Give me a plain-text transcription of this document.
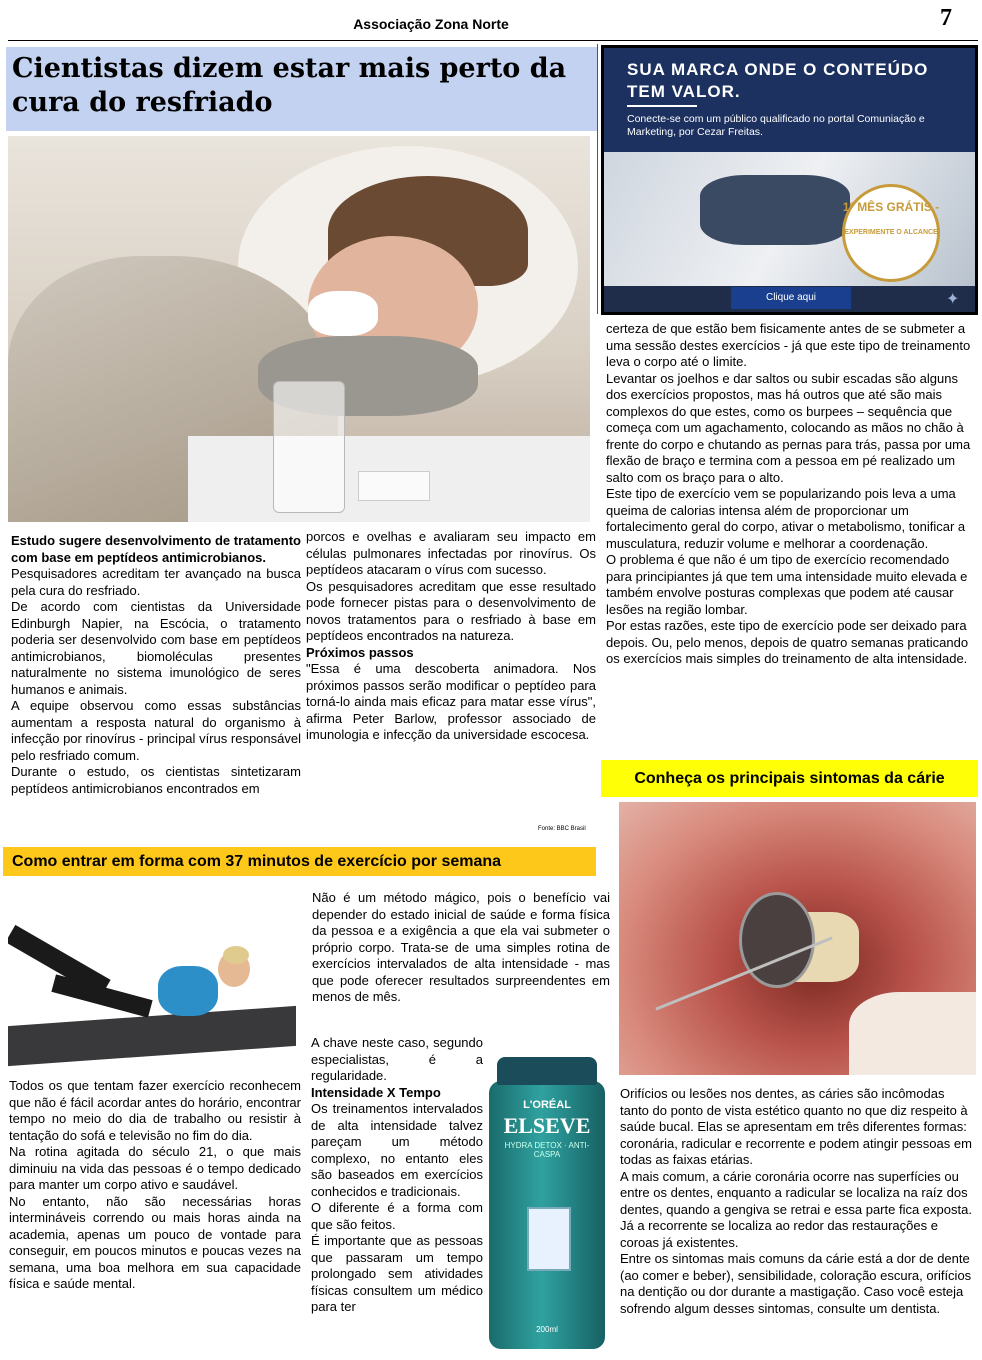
Associação Zona Norte	7
Cientistas dizem estar mais perto da cura do resfriado
SUA MARCA ONDE O CONTEÚDO TEM VALOR.
Conecte-se com um público qualificado no portal Comuniação e Marketing, por Cezar Freitas.
1º MÊS GRÁTIS -
EXPERIMENTE O ALCANCE
Clique aqui	✦

Estudo sugere desenvolvimento de tratamento com base em peptídeos antimicrobianos.

Pesquisadores acreditam ter avançado na busca pela cura do resfriado.

De acordo com cientistas da Universidade Edinburgh Napier, na Escócia, o tratamento poderia ser desenvolvido com base em peptídeos antimicrobianos, biomoléculas presentes naturalmente no sistema imunológico de seres humanos e animais.

A equipe observou como essas substâncias aumentam a resposta natural do organismo à infecção por rinovírus - principal vírus responsável pelo resfriado comum.

Durante o estudo, os cientistas sintetizaram peptídeos antimicrobianos encontrados em

porcos e ovelhas e avaliaram seu impacto em células pulmonares infectadas por rinovírus. Os peptídeos atacaram o vírus com sucesso.

Os pesquisadores acreditam que esse resultado pode fornecer pistas para o desenvolvimento de novos tratamentos para o resfriado à base em peptídeos encontrados na natureza.

Próximos passos

"Essa é uma descoberta animadora. Nos próximos passos serão modificar o peptídeo para torná-lo ainda mais eficaz para matar esse vírus", afirma Peter Barlow, professor associado de imunologia e infecção da universidade escocesa.

Fonte: BBC Brasil

certeza de que estão bem fisicamente antes de se submeter a uma sessão destes exercícios - já que este tipo de treinamento leva o corpo até o limite.

Levantar os joelhos e dar saltos ou subir escadas são alguns dos exercícios propostos, mas há outros que até são mais complexos do que estes, como os burpees – sequência que começa com um agachamento, colocando as mãos no chão à frente do corpo e chutando as pernas para trás, passa por uma flexão de braço e termina com a pessoa em pé realizado um salto com os braço para o alto.

Este tipo de exercício vem se popularizando pois leva a uma queima de calorias intensa além de proporcionar um fortalecimento geral do corpo, ativar o metabolismo, tonificar a musculatura, reduzir volume e melhorar a coordenação.

O problema é que não é um tipo de exercício recomendado para principiantes já que tem uma intensidade muito elevada e também envolve posturas complexas que podem até causar lesões na região lombar.

Por estas razões, este tipo de exercício pode ser deixado para depois. Ou, pelo menos, depois de quatro semanas praticando os exercícios mais simples do treinamento de alta intensidade.

Como entrar em forma com 37 minutos de exercício por semana

Não é um método mágico, pois o benefício vai depender do estado inicial de saúde e forma física da pessoa e a exigência a que ela vai submeter o próprio corpo. Trata-se de uma simples rotina de exercícios intervalados de alta intensidade - mas que pode oferecer resultados surpreendentes em menos de mês.

Todos os que tentam fazer exercício reconhecem que não é fácil acordar antes do horário, encontrar tempo no meio do dia de trabalho ou resistir à tentação do sofá e televisão no fim do dia.

Na rotina agitada do século 21, o que mais diminuiu na vida das pessoas é o tempo dedicado para manter um corpo ativo e saudável.

No entanto, não são necessárias horas intermináveis correndo ou mais horas ainda na academia, apenas um pouco de vontade para conseguir, em poucos minutos e poucas vezes na semana, uma boa melhora em sua capacidade física e saúde mental.

A chave neste caso, segundo especialistas, é a regularidade.

Intensidade X Tempo

Os treinamentos intervalados de alta intensidade talvez pareçam um método complexo, no entanto eles são baseados em exercícios conhecidos e tradicionais.

O diferente é a forma com que são feitos.

É importante que as pessoas que passaram um tempo prolongado sem atividades físicas consultem um médico para ter

L'ORÉAL
ELSEVE
HYDRA DETOX · ANTI-CASPA
200ml
Conheça os principais sintomas da cárie

Orifícios ou lesões nos dentes, as cáries são incômodas tanto do ponto de vista estético quanto no que diz respeito à saúde bucal. Elas se apresentam em três diferentes formas: coronária, radicular e recorrente e podem atingir pessoas em todas as faixas etárias.

A mais comum, a cárie coronária ocorre nas superfícies ou entre os dentes, enquanto a radicular se localiza na raíz dos dentes, quando a gengiva se retrai e essa parte fica exposta. Já a recorrente se localiza ao redor das restaurações e coroas já existentes.

Entre os sintomas mais comuns da cárie está a dor de dente (ao comer e beber), sensibilidade, coloração escura, orifícios na dentição ou dor durante a mastigação. Caso você esteja sofrendo algum desses sintomas, consulte um dentista.
